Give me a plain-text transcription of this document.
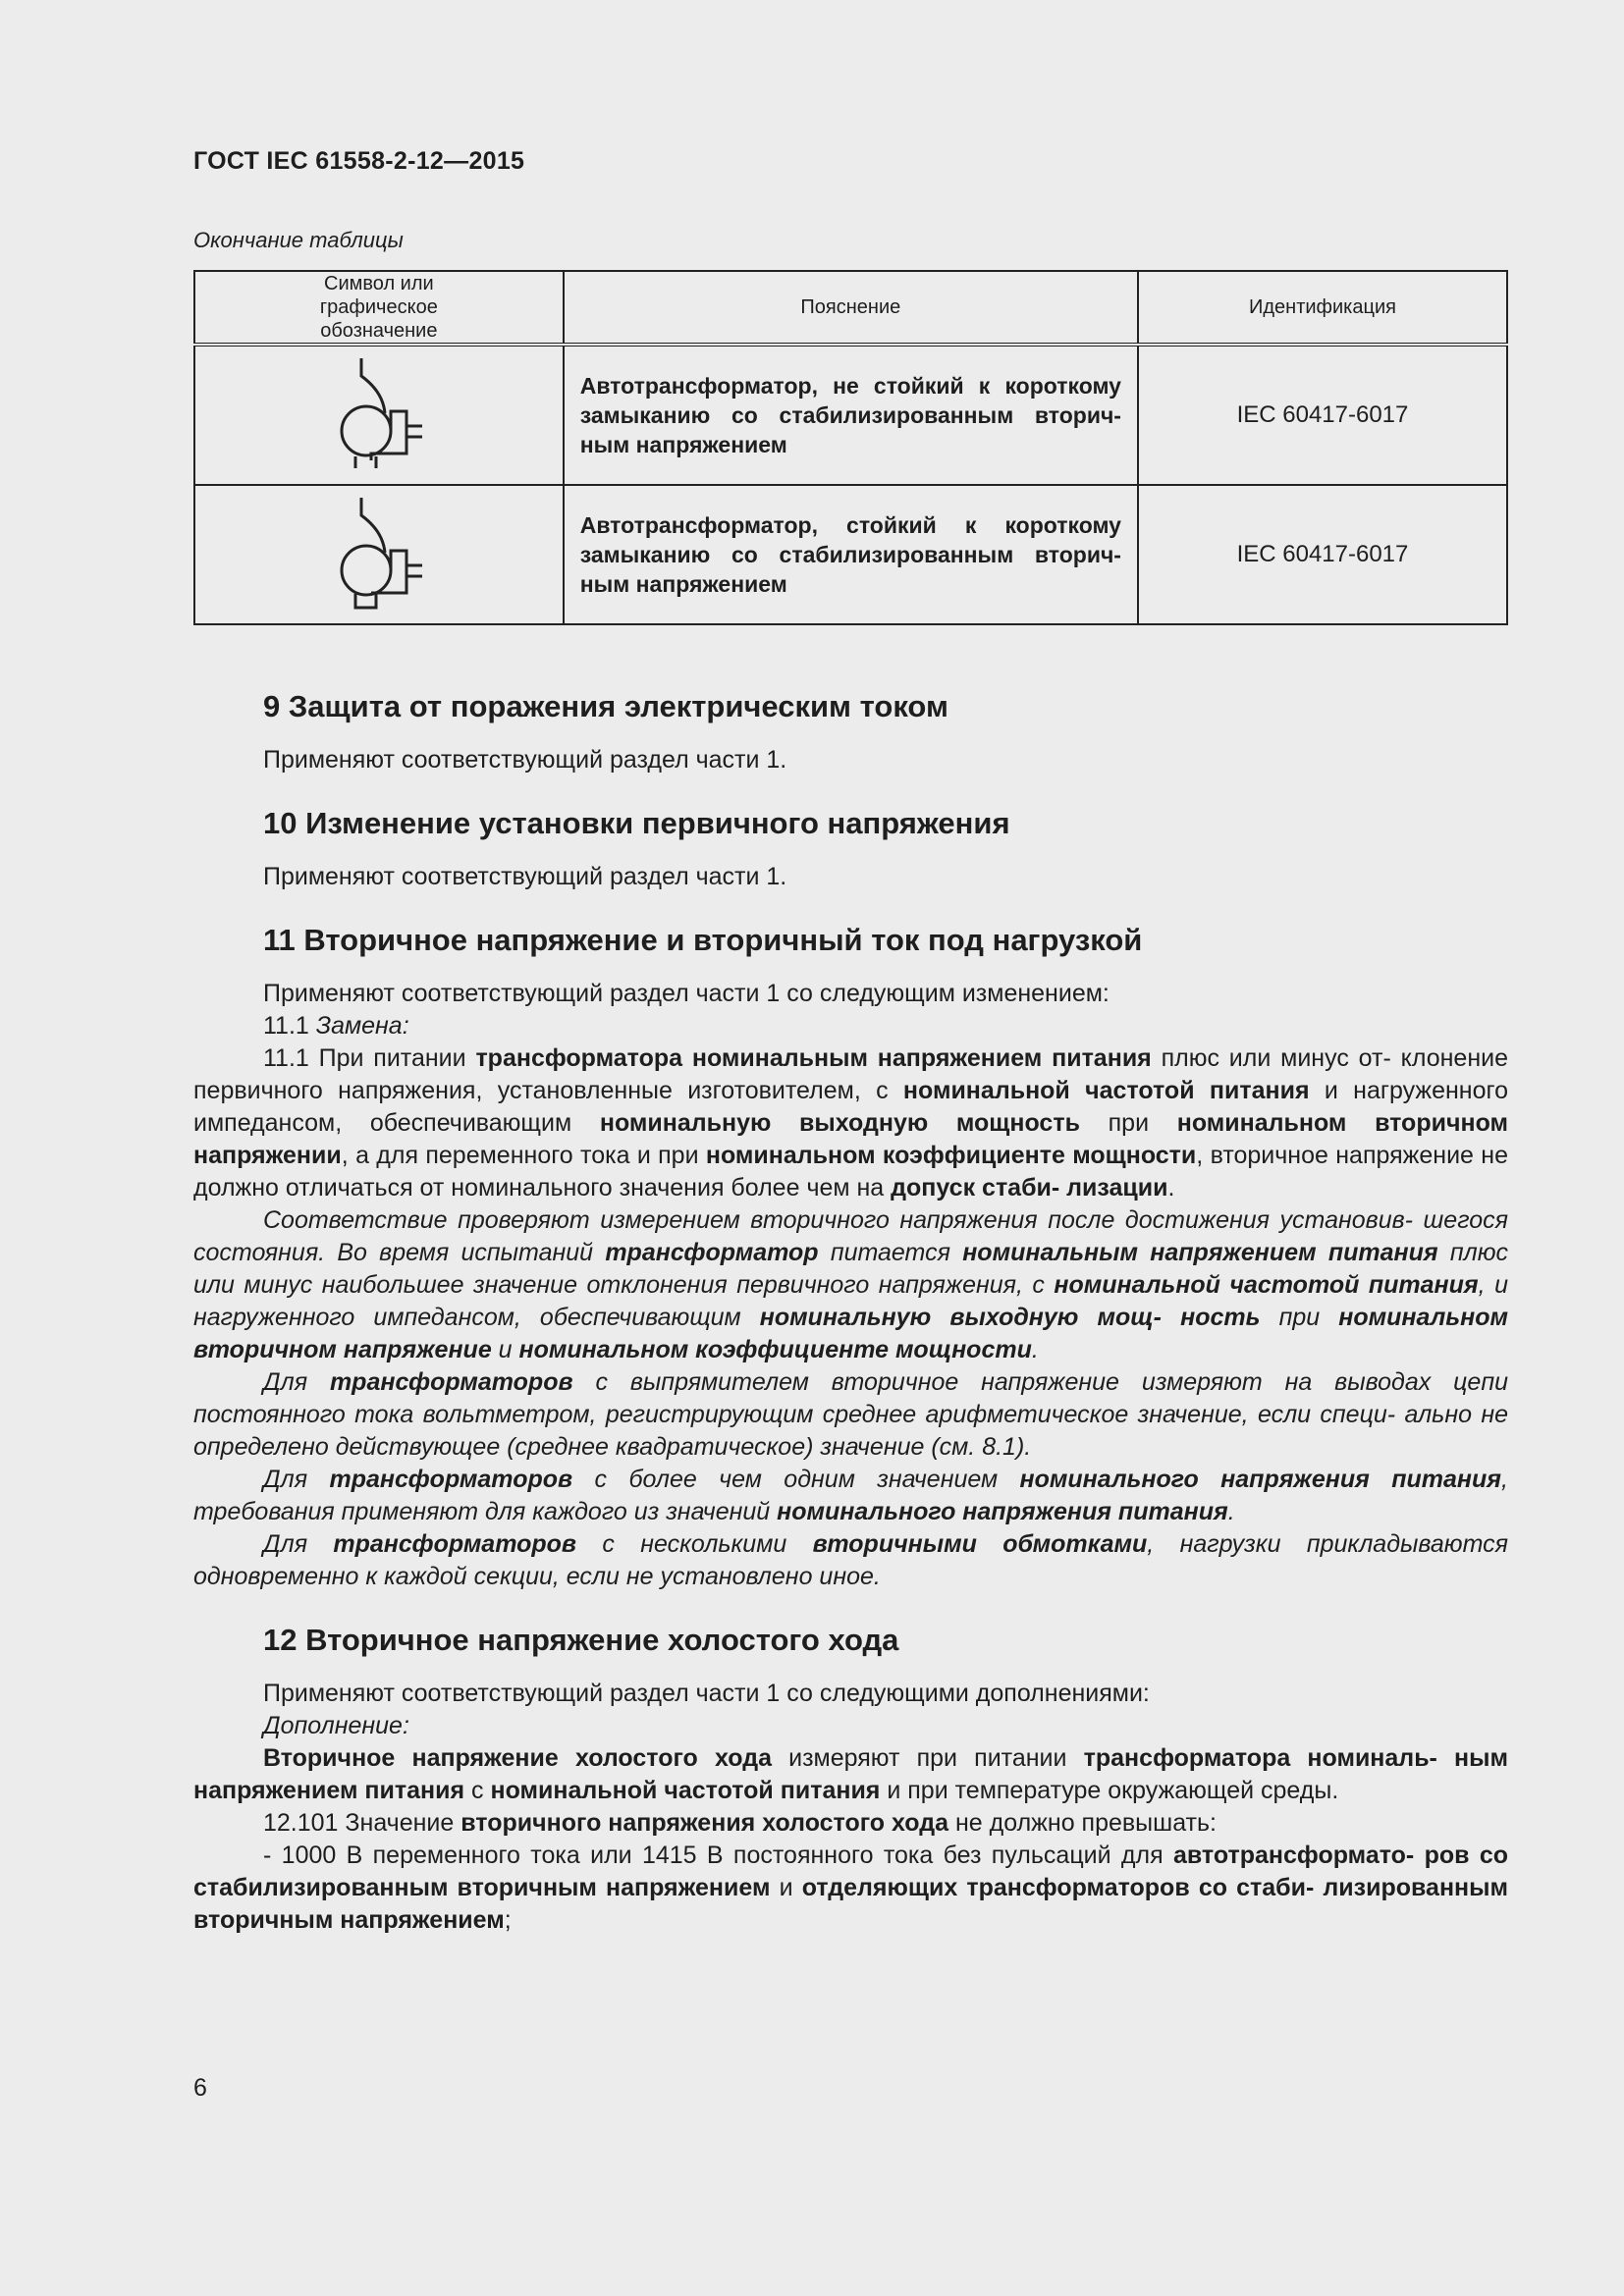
ГОСТ IEC 61558-2-12—2015
Окончание таблицы
Символ или графическое обозначение	Пояснение	Идентификация

Автотрансформатор, не стойкий к короткому замыканию со стабилизированным вторич- ным напряжением	IEC 60417-6017

Автотрансформатор, стойкий к короткому замыканию со стабилизированным вторич- ным напряжением	IEC 60417-6017
9 Защита от поражения электрическим током

Применяют соответствующий раздел части 1.

10 Изменение установки первичного напряжения

Применяют соответствующий раздел части 1.

11 Вторичное напряжение и вторичный ток под нагрузкой

Применяют соответствующий раздел части 1 со следующим изменением:

11.1 Замена:

11.1 При питании трансформатора номинальным напряжением питания плюс или минус от- клонение первичного напряжения, установленные изготовителем, с номинальной частотой питания и нагруженного импедансом, обеспечивающим номинальную выходную мощность при номинальном вторичном напряжении, а для переменного тока и при номинальном коэффициенте мощности, вторичное напряжение не должно отличаться от номинального значения более чем на допуск стаби- лизации.

Соответствие проверяют измерением вторичного напряжения после достижения установив- шегося состояния. Во время испытаний трансформатор питается номинальным напряжением питания плюс или минус наибольшее значение отклонения первичного напряжения, с номинальной частотой питания, и нагруженного импедансом, обеспечивающим номинальную выходную мощ- ность при номинальном вторичном напряжение и номинальном коэффициенте мощности.

Для трансформаторов с выпрямителем вторичное напряжение измеряют на выводах цепи постоянного тока вольтметром, регистрирующим среднее арифметическое значение, если специ- ально не определено действующее (среднее квадратическое) значение (см. 8.1).

Для трансформаторов с более чем одним значением номинального напряжения питания, требования применяют для каждого из значений номинального напряжения питания.

Для трансформаторов с несколькими вторичными обмотками, нагрузки прикладываются одновременно к каждой секции, если не установлено иное.

12 Вторичное напряжение холостого хода

Применяют соответствующий раздел части 1 со следующими дополнениями:

Дополнение:

Вторичное напряжение холостого хода измеряют при питании трансформатора номиналь- ным напряжением питания с номинальной частотой питания и при температуре окружающей среды.

12.101 Значение вторичного напряжения холостого хода не должно превышать:

- 1000 В переменного тока или 1415 В постоянного тока без пульсаций для автотрансформато- ров со стабилизированным вторичным напряжением и отделяющих трансформаторов со стаби- лизированным вторичным напряжением;

6
